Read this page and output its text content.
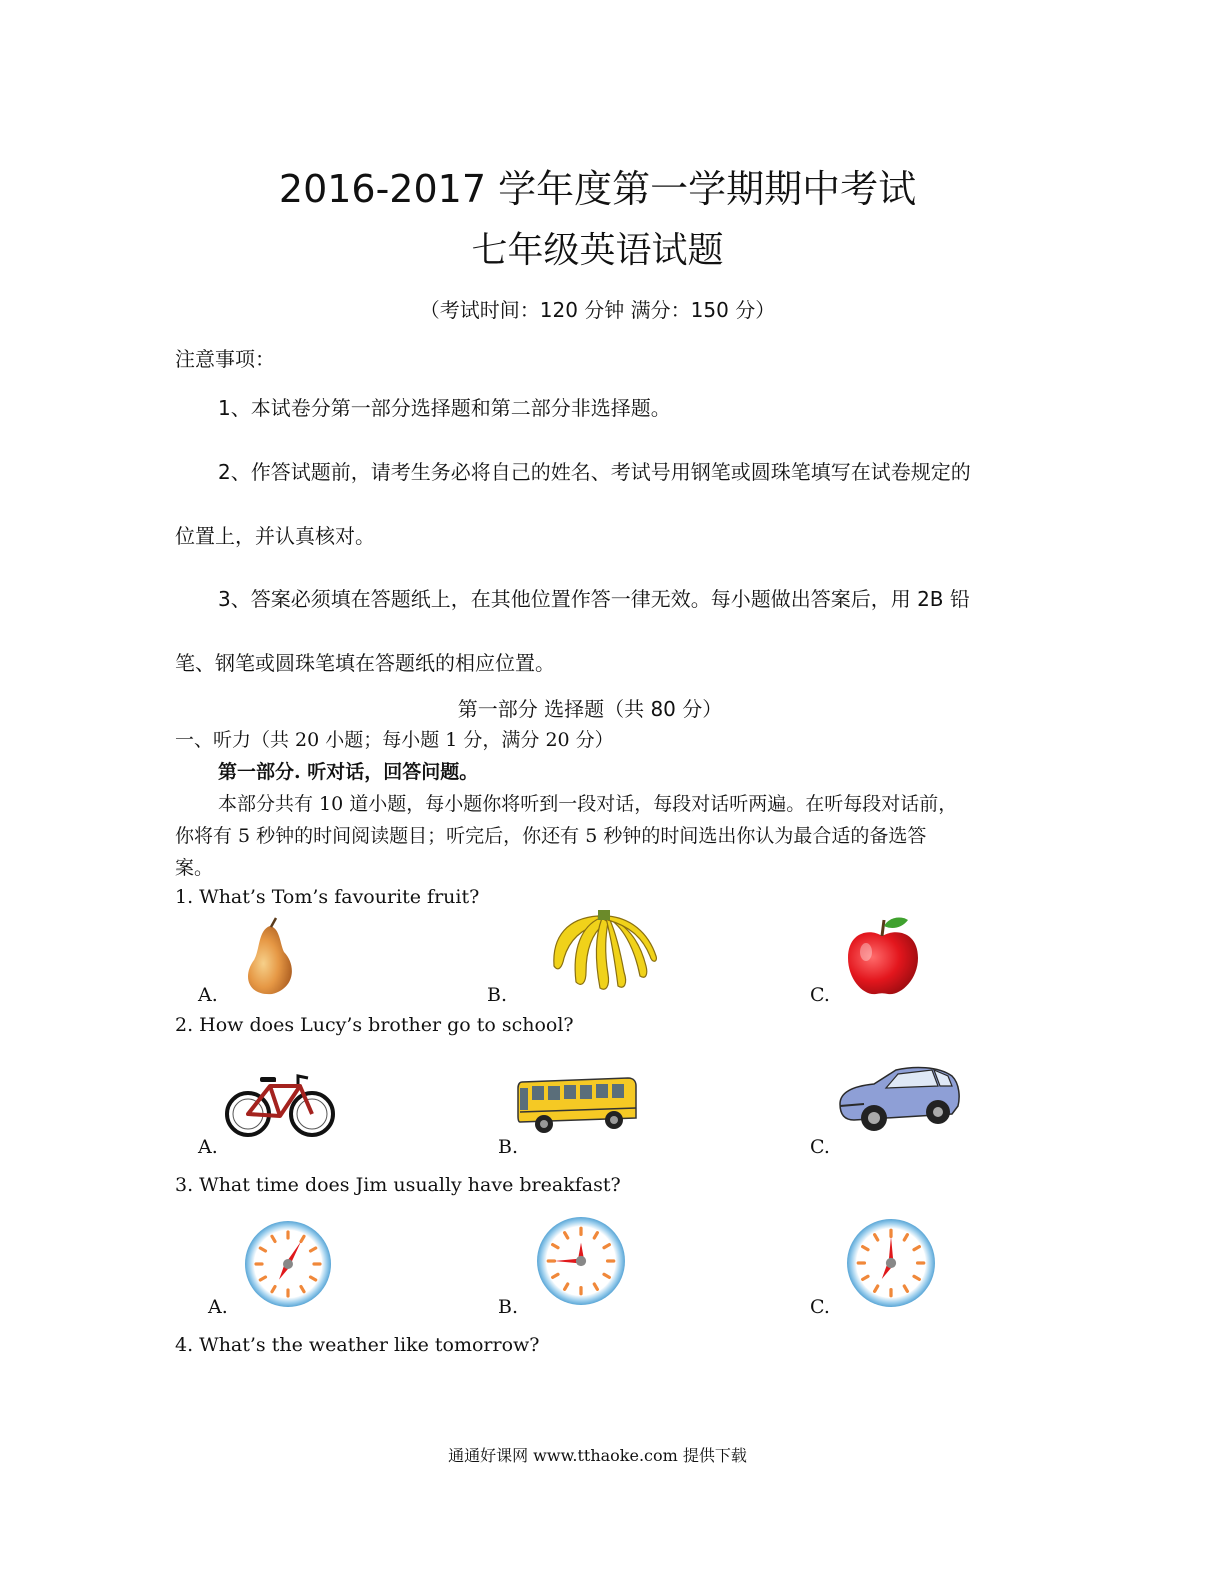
2016-2017 学年度第一学期期中考试
七年级英语试题
（考试时间：120 分钟 满分：150 分）
注意事项：
1、本试卷分第一部分选择题和第二部分非选择题。
2、作答试题前，请考生务必将自己的姓名、考试号用钢笔或圆珠笔填写在试卷规定的
位置上，并认真核对。
3、答案必须填在答题纸上，在其他位置作答一律无效。每小题做出答案后，用 2B 铅
笔、钢笔或圆珠笔填在答题纸的相应位置。
第一部分 选择题（共 80 分）
一、听力（共 20 小题；每小题 1 分，满分 20 分）
第一部分. 听对话，回答问题。
本部分共有 10 道小题，每小题你将听到一段对话，每段对话听两遍。在听每段对话前，
你将有 5 秒钟的时间阅读题目；听完后，你还有 5 秒钟的时间选出你认为最合适的备选答
案。
1. What’s Tom’s favourite fruit?
A.	B.	C.
2. How does Lucy’s brother go to school?
A.	B.	C.
3. What time does Jim usually have breakfast?
A.	B.	C.
4. What’s the weather like tomorrow?
通通好课网 www.tthaoke.com 提供下载
